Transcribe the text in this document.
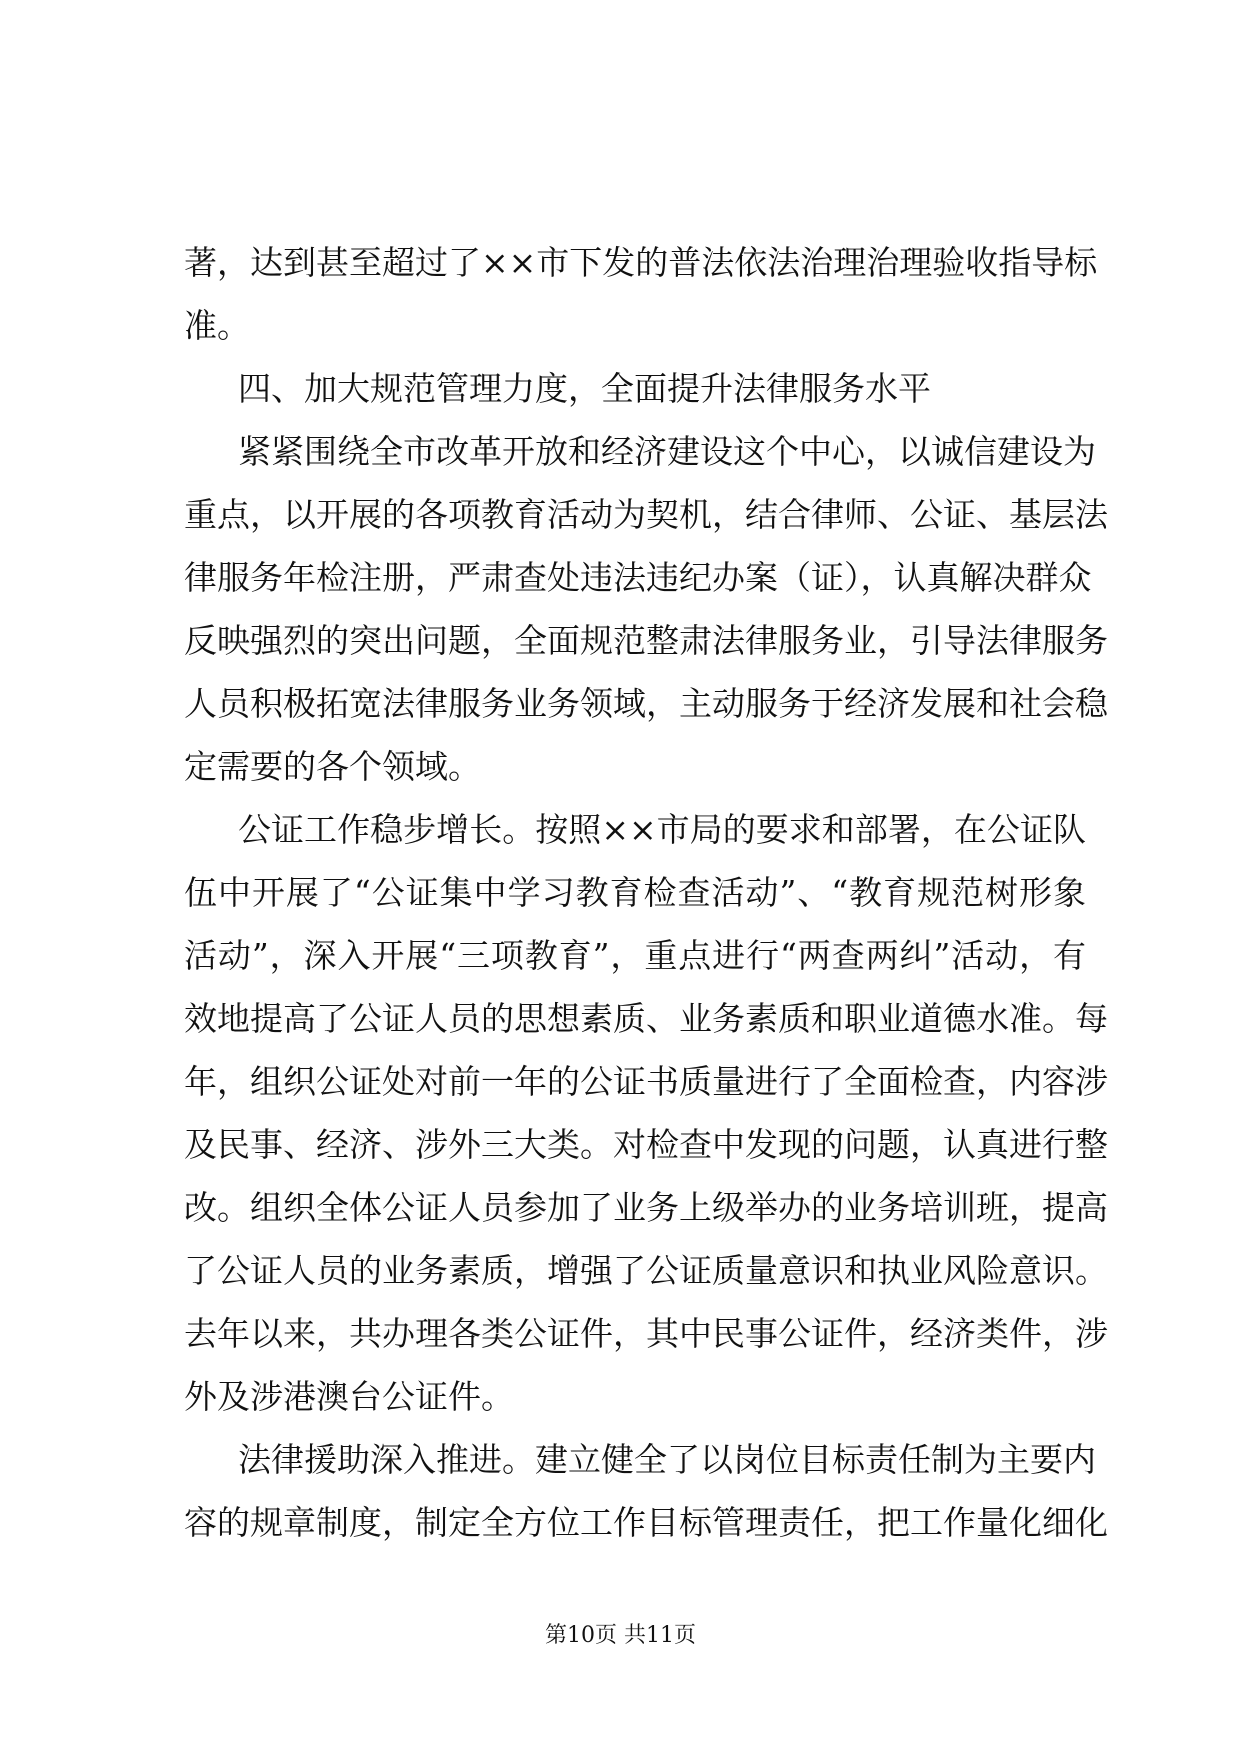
著，达到甚至超过了××市下发的普法依法治理治理验收指导标
准。
四、加大规范管理力度，全面提升法律服务水平
紧紧围绕全市改革开放和经济建设这个中心，以诚信建设为
重点，以开展的各项教育活动为契机，结合律师、公证、基层法
律服务年检注册，严肃查处违法违纪办案（证），认真解决群众
反映强烈的突出问题，全面规范整肃法律服务业，引导法律服务
人员积极拓宽法律服务业务领域，主动服务于经济发展和社会稳
定需要的各个领域。
公证工作稳步增长。按照××市局的要求和部署，在公证队
伍中开展了“公证集中学习教育检查活动”、“教育规范树形象
活动”，深入开展“三项教育”，重点进行“两查两纠”活动，有
效地提高了公证人员的思想素质、业务素质和职业道德水准。每
年，组织公证处对前一年的公证书质量进行了全面检查，内容涉
及民事、经济、涉外三大类。对检查中发现的问题，认真进行整
改。组织全体公证人员参加了业务上级举办的业务培训班，提高
了公证人员的业务素质，增强了公证质量意识和执业风险意识。
去年以来，共办理各类公证件，其中民事公证件，经济类件，涉
外及涉港澳台公证件。
法律援助深入推进。建立健全了以岗位目标责任制为主要内
容的规章制度，制定全方位工作目标管理责任，把工作量化细化
第10页 共11页
